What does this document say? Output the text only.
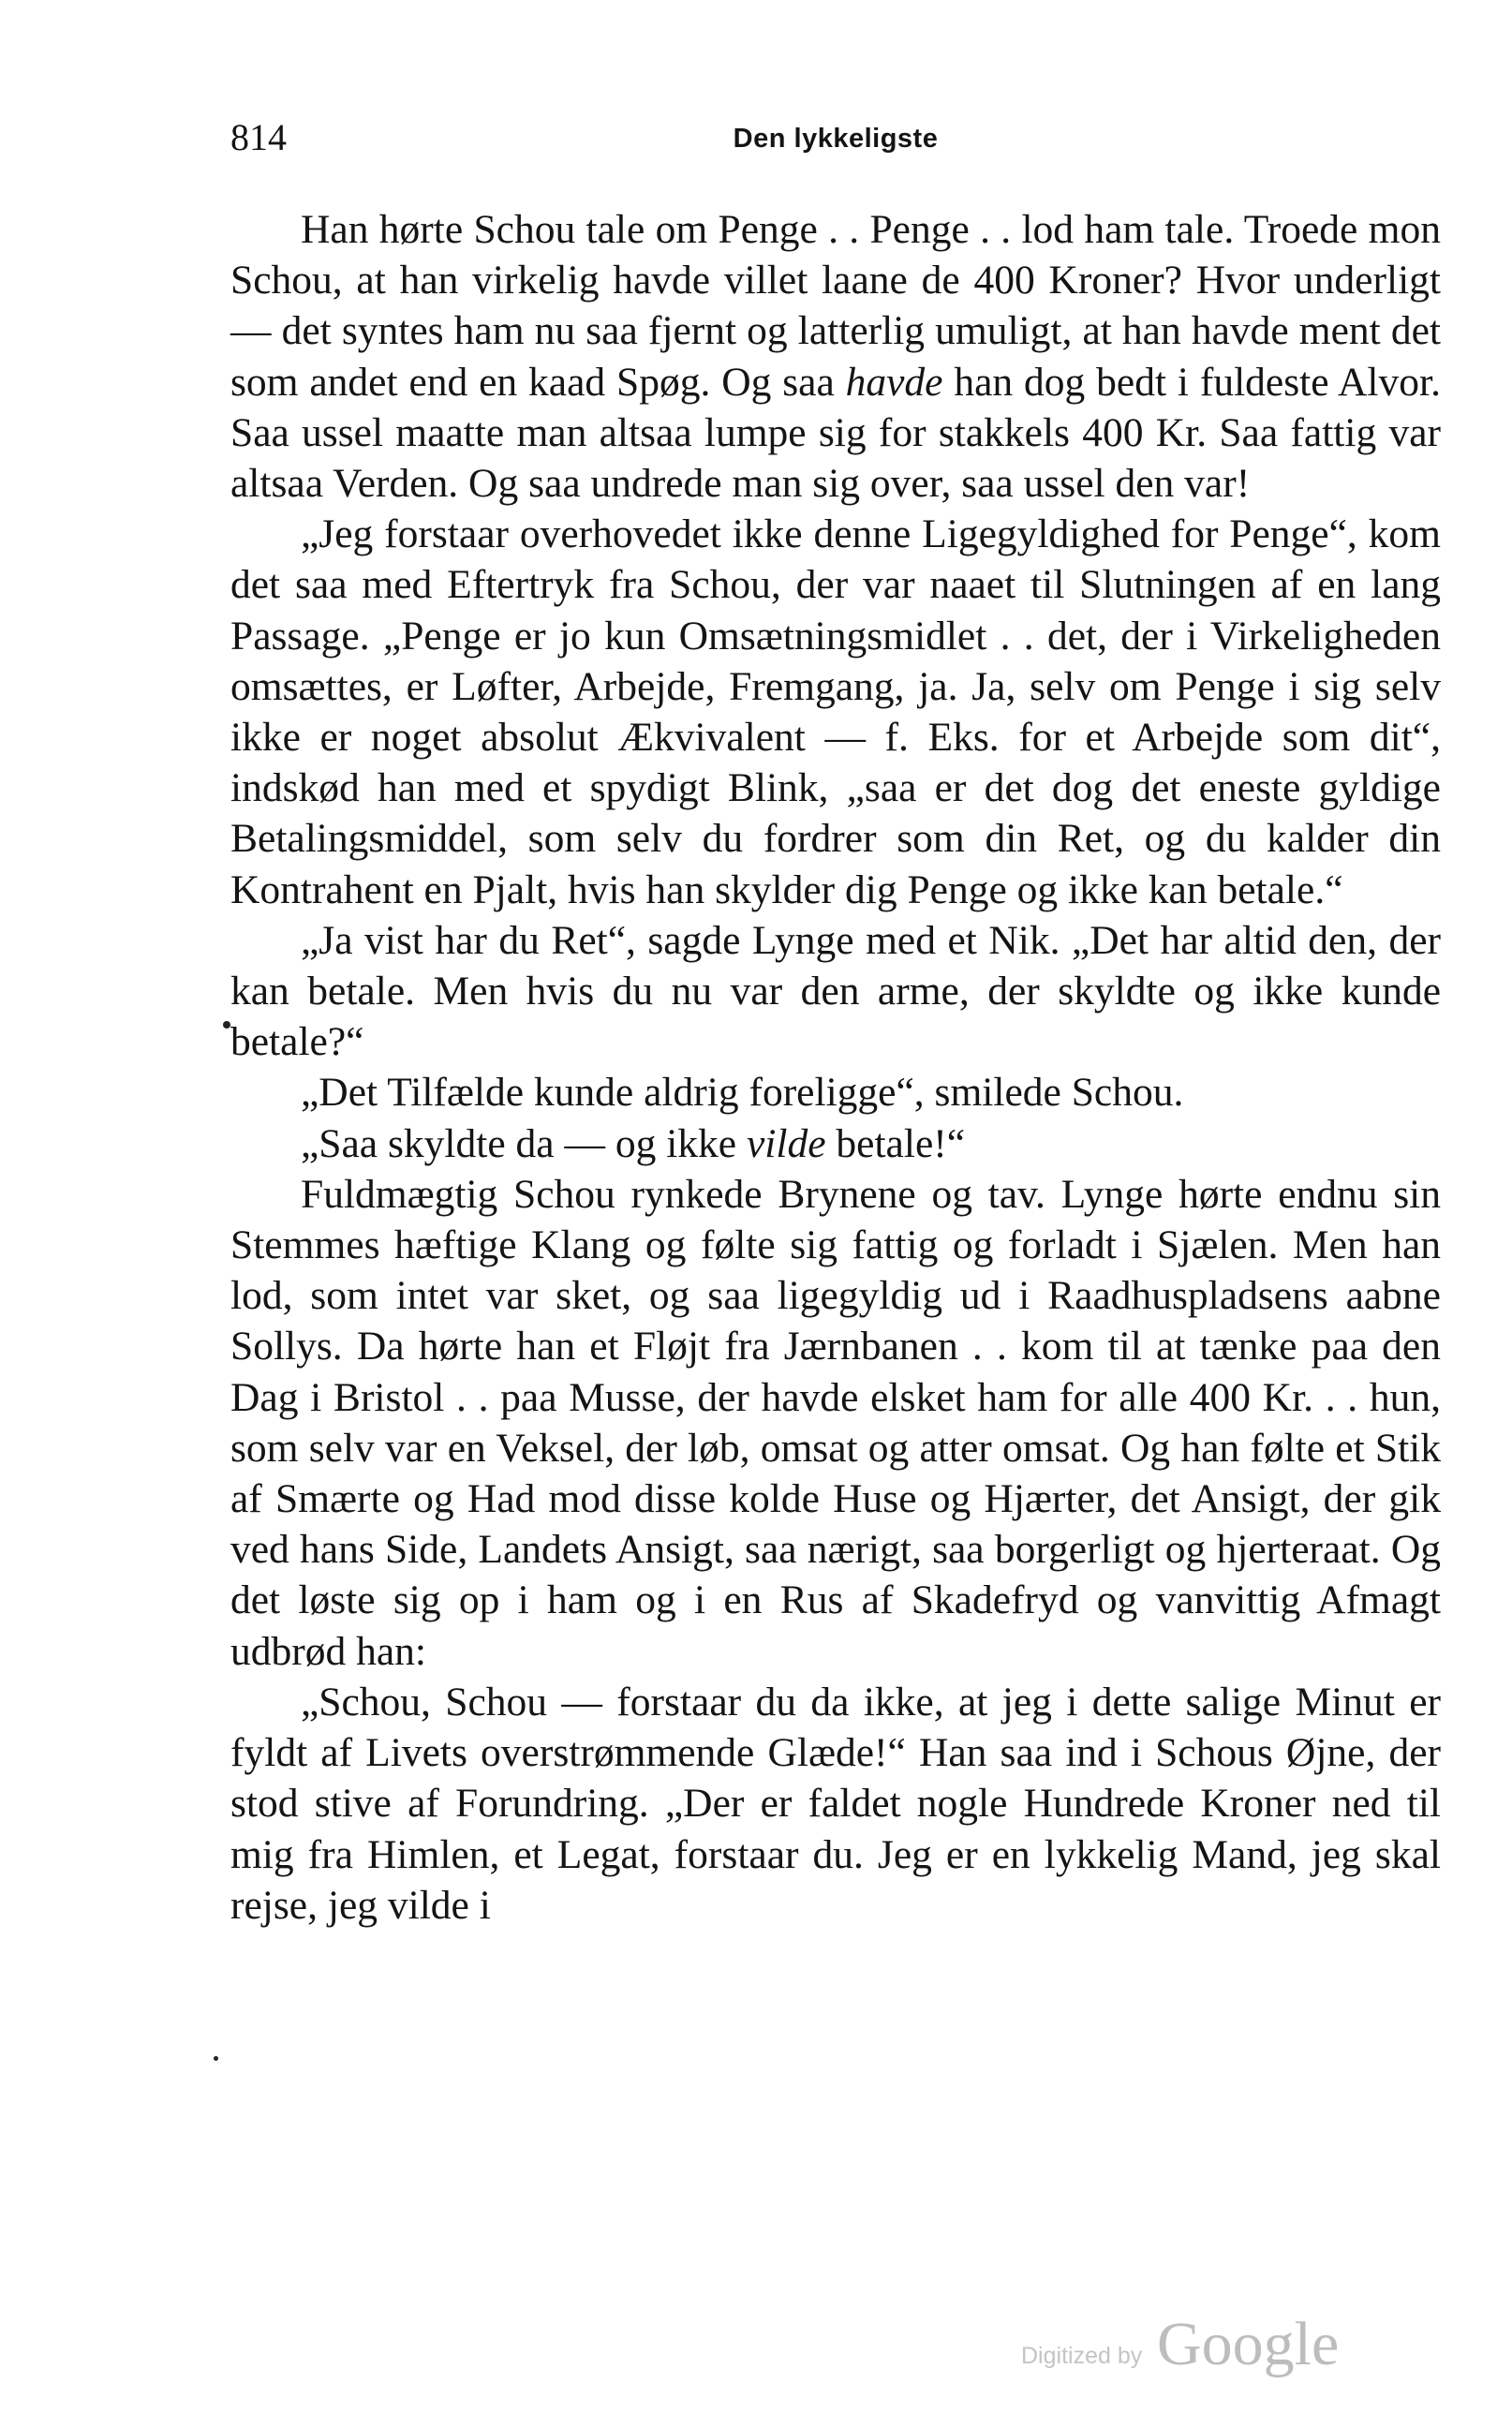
814	Den lykkeligste

Han hørte Schou tale om Penge . . Penge . . lod ham tale. Troede mon Schou, at han virkelig havde villet laane de 400 Kroner? Hvor underligt — det syntes ham nu saa fjernt og latterlig umuligt, at han havde ment det som andet end en kaad Spøg. Og saa havde han dog bedt i fuldeste Alvor. Saa ussel maatte man altsaa lumpe sig for stakkels 400 Kr. Saa fattig var altsaa Verden. Og saa undrede man sig over, saa ussel den var!

„Jeg forstaar overhovedet ikke denne Ligegyldighed for Penge“, kom det saa med Eftertryk fra Schou, der var naaet til Slutningen af en lang Passage. „Penge er jo kun Omsætningsmidlet . . det, der i Virkeligheden omsættes, er Løfter, Arbejde, Fremgang, ja. Ja, selv om Penge i sig selv ikke er noget absolut Ækvivalent — f. Eks. for et Arbejde som dit“, indskød han med et spydigt Blink, „saa er det dog det eneste gyldige Betalingsmiddel, som selv du fordrer som din Ret, og du kalder din Kontrahent en Pjalt, hvis han skylder dig Penge og ikke kan betale.“

„Ja vist har du Ret“, sagde Lynge med et Nik. „Det har altid den, der kan betale. Men hvis du nu var den arme, der skyldte og ikke kunde betale?“

„Det Tilfælde kunde aldrig foreligge“, smilede Schou.

„Saa skyldte da — og ikke vilde betale!“

Fuldmægtig Schou rynkede Brynene og tav. Lynge hørte endnu sin Stemmes hæftige Klang og følte sig fattig og forladt i Sjælen. Men han lod, som intet var sket, og saa ligegyldig ud i Raadhuspladsens aabne Sollys. Da hørte han et Fløjt fra Jærnbanen . . kom til at tænke paa den Dag i Bristol . . paa Musse, der havde elsket ham for alle 400 Kr. . . hun, som selv var en Veksel, der løb, omsat og atter omsat. Og han følte et Stik af Smærte og Had mod disse kolde Huse og Hjærter, det Ansigt, der gik ved hans Side, Landets Ansigt, saa nærigt, saa borgerligt og hjerteraat. Og det løste sig op i ham og i en Rus af Skadefryd og vanvittig Afmagt udbrød han:

„Schou, Schou — forstaar du da ikke, at jeg i dette salige Minut er fyldt af Livets overstrømmende Glæde!“ Han saa ind i Schous Øjne, der stod stive af Forundring. „Der er faldet nogle Hundrede Kroner ned til mig fra Himlen, et Legat, forstaar du. Jeg er en lykkelig Mand, jeg skal rejse, jeg vilde i

Digitized by Google
